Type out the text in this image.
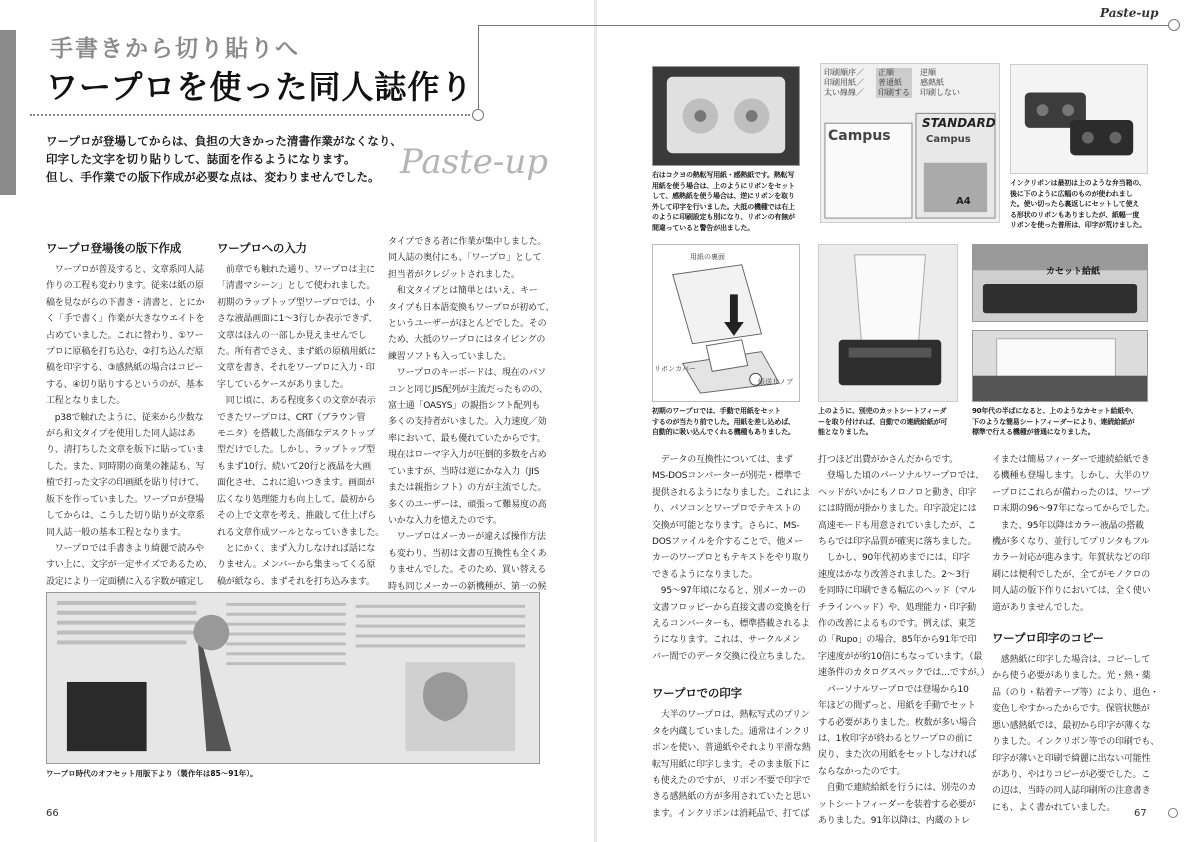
Paste-up
手書きから切り貼りへ
ワープロを使った同人誌作り
ワープロが登場してからは、負担の大きかった清書作業がなくなり、
印字した文字を切り貼りして、誌面を作るようになります。
但し、手作業での版下作成が必要な点は、変わりませんでした。 Paste-up
ワープロ登場後の版下作成

　ワープロが普及すると、文章系同人誌

作りの工程も変わります。従来は紙の原

稿を見ながらの下書き・清書と、とにか

く「手で書く」作業が大きなウエイトを

占めていました。これに替わり、①ワー

プロに原稿を打ち込む、②打ち込んだ原

稿を印字する、③感熱紙の場合はコピー

する、④切り貼りするというのが、基本

工程となりました。

　p38で触れたように、従来から少数な

がら和文タイプを使用した同人誌はあ

り、清打ちした文章を版下に貼っていま

した。また、同時期の商業の雑誌も、写

植で打った文字の印画紙を貼り付けて、

版下を作っていました。ワープロが登場

してからは、こうした切り貼りが文章系

同人誌一般の基本工程となります。

　ワープロでは手書きより綺麗で読みや

すい上に、文字が一定サイズであるため、

設定により一定面積に入る字数が確定し

ワープロへの入力

　前章でも触れた通り、ワープロは主に

「清書マシーン」として使われました。

初期のラップトップ型ワープロでは、小

さな液晶画面に1～3行しか表示できず、

文章はほんの一部しか見えませんでし

た。所有者でさえ、まず紙の原稿用紙に

文章を書き、それをワープロに入力・印

字しているケースがありました。

　同じ頃に、ある程度多くの文章が表示

できたワープロは、CRT（ブラウン管

モニタ）を搭載した高価なデスクトップ

型だけでした。しかし、ラップトップ型

もまず10行、続いて20行と液晶を大画

面化させ、これに追いつきます。画面が

広くなり処理能力も向上して、最初から

その上で文章を考え、推敲して仕上げら

れる文章作成ツールとなっていきました。

　とにかく、まず入力しなければ話にな

りません。メンバーから集まってくる原

稿が紙なら、まずそれを打ち込みます。

タイプできる者に作業が集中しました。

同人誌の奥付にも、「ワープロ」として

担当者がクレジットされました。

　和文タイプとは簡単とはいえ、キー

タイプも日本語変換もワープロが初めて、

というユーザーがほとんどでした。その

ため、大抵のワープロにはタイピングの

練習ソフトも入っていました。

　ワープロのキーボードは、現在のパソ

コンと同じJIS配列が主流だったものの、

富士通「OASYS」の親指シフト配列も

多くの支持者がいました。入力速度／効

率において、最も優れていたからです。

現在はローマ字入力が圧倒的多数を占め

ていますが、当時は逆にかな入力（JIS

または親指シフト）の方が主流でした。

多くのユーザーは、頑張って難易度の高

いかな入力を憶えたのです。

　ワープロはメーカーが違えば操作方法

も変わり、当初は文書の互換性も全くあ

りませんでした。そのため、買い替える

時も同じメーカーの新機種が、第一の候

ワープロ時代のオフセット用版下より（製作年は85～91年）。
66
右はコクヨの熱転写用紙・感熱紙です。熱転写
用紙を使う場合は、上のようにリボンをセット
して、感熱紙を使う場合は、逆にリボンを取り
外して印字を行いました。大抵の機種では右上
のように印刷設定も別になり、リボンの有無が
間違っていると警告が出ました。

印刷順序／

印刷用紙／

太い線線／

正順

普通紙

印刷する

逆順

感熱紙

印刷しない

Campus
STANDARD
Campus
A4
インクリボンは最初は上のような弁当箱の、
後に下のように広幅のものが使われまし
た。使い切ったら裏返しにセットして使え
る形状のリボンもありましたが、紙幅一度
リボンを使った普所は、印字が荒けました。
用紙の裏面
リボンカバー
紙送りノブ
初期のワープロでは、手動で用紙をセット
するのが当たり前でした。用紙を差し込めば、
自動的に吸い込んでくれる機種もありました。
上のように、別売のカットシートフィーダ
ーを取り付ければ、自動での連続給紙が可
能となりました。
カセット給紙
90年代の半ばになると、上のようなカセット給紙や、
下のような簡易シートフィーダーにより、連続給紙が
標準で行える機種が普通になりました。

　データの互換性については、まず

MS-DOSコンバーターが別売・標準で

提供されるようになりました。これによ

り、パソコンとワープロでテキストの

交換が可能となります。さらに、MS-

DOSファイルを介することで、他メー

カーのワープロともテキストをやり取り

できるようになりました。

　95～97年頃になると、別メーカーの

文書フロッピーから直接文書の変換を行

えるコンバーターも、標準搭載されるよ

うになります。これは、サークルメン

バー間でのデータ交換に役立ちました。

ワープロでの印字

　大半のワープロは、熱転写式のプリン

タを内蔵していました。通常はインクリ

ボンを使い、普通紙やそれより平滑な熱

転写用紙に印字します。そのまま版下に

も使えたのですが、リボン不要で印字で

きる感熱紙の方が多用されていたと思い

ます。インクリボンは消耗品で、打てば

打つほど出費がかさんだからです。

　登場した頃のパーソナルワープロでは、

ヘッドがいかにもノロノロと動き、印字

には時間が掛かりました。印字設定には

高速モードも用意されていましたが、こ

ちらでは印字品質が確実に落ちました。

　しかし、90年代初めまでには、印字

速度はかなり改善されました。2～3行

を同時に印刷できる幅広のヘッド（マル

チラインヘッド）や、処理能力・印字動

作の改善によるものです。例えば、東芝

の「Rupo」の場合、85年から91年で印

字速度がが約10倍にもなっています。（最

速条件のカタログスペックでは…ですが。）

　パーソナルワープロでは登場から10

年ほどの間ずっと、用紙を手動でセット

する必要がありました。枚数が多い場合

は、1枚印字が終わるとワープロの前に

戻り、また次の用紙をセットしなければ

ならなかったのです。

　自動で連続給紙を行うには、別売のカ

ットシートフィーダーを装着する必要が

ありました。91年以降は、内蔵のトレ

イまたは簡易フィーダーで連続給紙でき

る機種も登場します。しかし、大半のワ

ープロにこれらが備わったのは、ワープ

ロ末期の96～97年になってからでした。

　また、95年以降はカラー液晶の搭載

機が多くなり、並行してプリンタもフル

カラー対応が進みます。年賀状などの印

刷には便利でしたが、全てがモノクロの

同人誌の版下作りにおいては、全く使い

道がありませんでした。

ワープロ印字のコピー

　感熱紙に印字した場合は、コピーして

から使う必要がありました。光・熱・薬

品（のり・粘着テープ等）により、退色・

変色しやすかったからです。保管状態が

悪い感熱紙では、最初から印字が薄くな

りました。インクリボン等での印刷でも、

印字が薄いと印刷で綺麗に出ない可能性

があり、やはりコピーが必要でした。こ

の辺は、当時の同人誌印刷所の注意書き

にも、よく書かれていました。

67
